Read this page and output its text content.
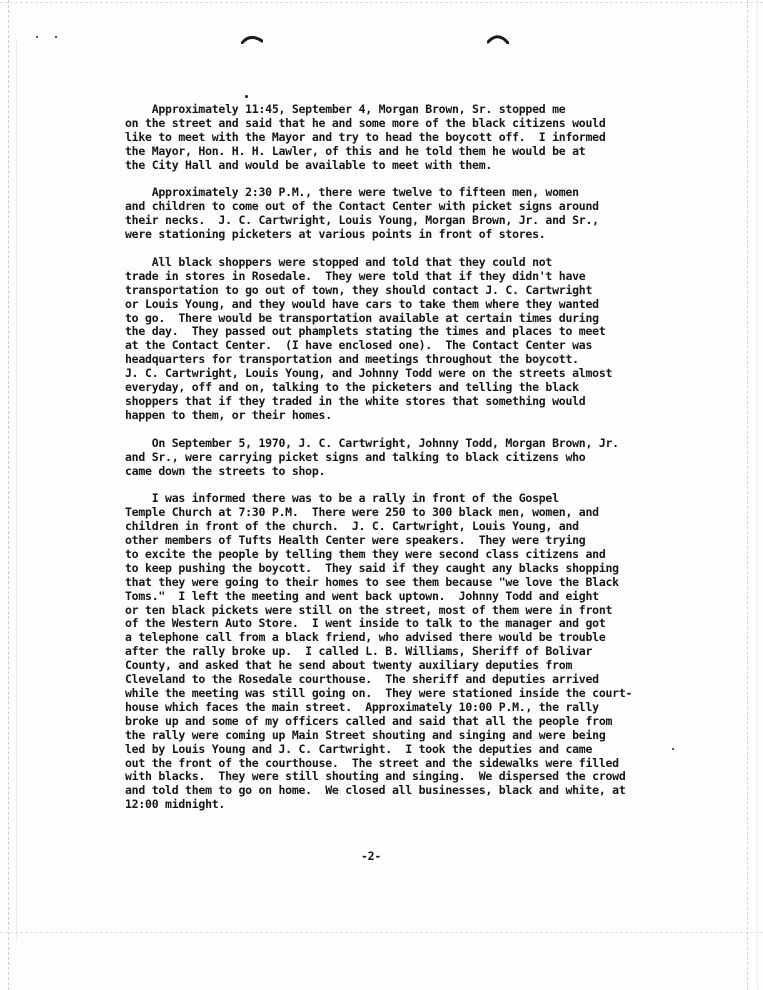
Approximately 11:45, September 4, Morgan Brown, Sr. stopped me
on the street and said that he and some more of the black citizens would
like to meet with the Mayor and try to head the boycott off.  I informed
the Mayor, Hon. H. H. Lawler, of this and he told them he would be at
the City Hall and would be available to meet with them.

Approximately 2:30 P.M., there were twelve to fifteen men, women
and children to come out of the Contact Center with picket signs around
their necks.  J. C. Cartwright, Louis Young, Morgan Brown, Jr. and Sr.,
were stationing picketers at various points in front of stores.

All black shoppers were stopped and told that they could not
trade in stores in Rosedale.  They were told that if they didn't have
transportation to go out of town, they should contact J. C. Cartwright
or Louis Young, and they would have cars to take them where they wanted
to go.  There would be transportation available at certain times during
the day.  They passed out phamplets stating the times and places to meet
at the Contact Center.  (I have enclosed one).  The Contact Center was
headquarters for transportation and meetings throughout the boycott.
J. C. Cartwright, Louis Young, and Johnny Todd were on the streets almost
everyday, off and on, talking to the picketers and telling the black
shoppers that if they traded in the white stores that something would
happen to them, or their homes.

On September 5, 1970, J. C. Cartwright, Johnny Todd, Morgan Brown, Jr.
and Sr., were carrying picket signs and talking to black citizens who
came down the streets to shop.

I was informed there was to be a rally in front of the Gospel
Temple Church at 7:30 P.M.  There were 250 to 300 black men, women, and
children in front of the church.  J. C. Cartwright, Louis Young, and
other members of Tufts Health Center were speakers.  They were trying
to excite the people by telling them they were second class citizens and
to keep pushing the boycott.  They said if they caught any blacks shopping
that they were going to their homes to see them because "we love the Black
Toms."  I left the meeting and went back uptown.  Johnny Todd and eight
or ten black pickets were still on the street, most of them were in front
of the Western Auto Store.  I went inside to talk to the manager and got
a telephone call from a black friend, who advised there would be trouble
after the rally broke up.  I called L. B. Williams, Sheriff of Bolivar
County, and asked that he send about twenty auxiliary deputies from
Cleveland to the Rosedale courthouse.  The sheriff and deputies arrived
while the meeting was still going on.  They were stationed inside the court-
house which faces the main street.  Approximately 10:00 P.M., the rally
broke up and some of my officers called and said that all the people from
the rally were coming up Main Street shouting and singing and were being
led by Louis Young and J. C. Cartwright.  I took the deputies and came
out the front of the courthouse.  The street and the sidewalks were filled
with blacks.  They were still shouting and singing.  We dispersed the crowd
and told them to go on home.  We closed all businesses, black and white, at
12:00 midnight.

-2-
